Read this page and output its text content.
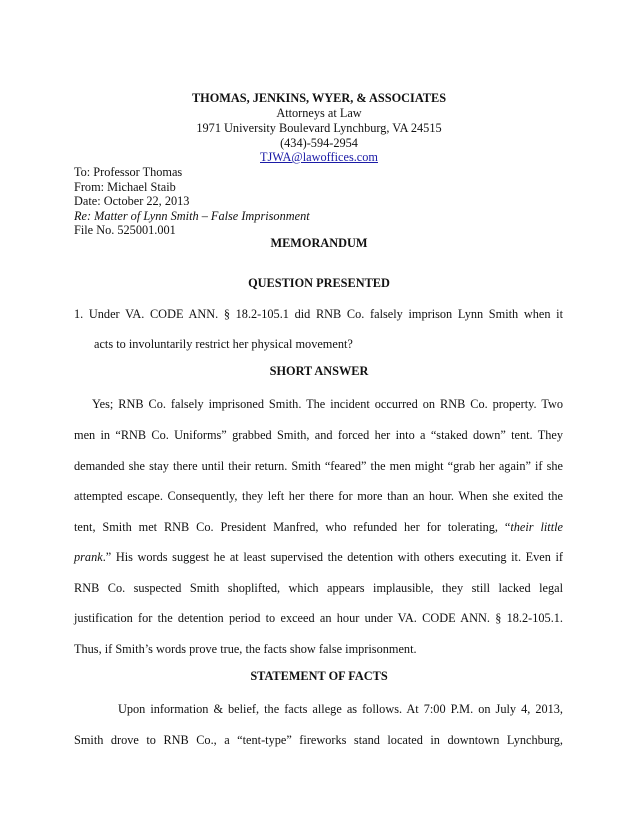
THOMAS, JENKINS, WYER, & ASSOCIATES
Attorneys at Law
1971 University Boulevard Lynchburg, VA 24515
(434)-594-2954
TJWA@lawoffices.com
To: Professor Thomas
From: Michael Staib
Date: October 22, 2013
Re: Matter of Lynn Smith – False Imprisonment
File No. 525001.001
MEMORANDUM
QUESTION PRESENTED
1. Under VA. CODE ANN. § 18.2-105.1 did RNB Co. falsely imprison Lynn Smith when it
acts to involuntarily restrict her physical movement?
SHORT ANSWER
Yes; RNB Co. falsely imprisoned Smith. The incident occurred on RNB Co. property. Two
men in “RNB Co. Uniforms” grabbed Smith, and forced her into a “staked down” tent. They
demanded she stay there until their return. Smith “feared” the men might “grab her again” if she
attempted escape. Consequently, they left her there for more than an hour. When she exited the
tent, Smith met RNB Co. President Manfred, who refunded her for tolerating, “their little
prank.” His words suggest he at least supervised the detention with others executing it. Even if
RNB Co. suspected Smith shoplifted, which appears implausible, they still lacked legal
justification for the detention period to exceed an hour under VA. CODE ANN. § 18.2-105.1.
Thus, if Smith’s words prove true, the facts show false imprisonment.
STATEMENT OF FACTS
Upon information & belief, the facts allege as follows. At 7:00 P.M. on July 4, 2013,
Smith drove to RNB Co., a “tent-type” fireworks stand located in downtown Lynchburg,
